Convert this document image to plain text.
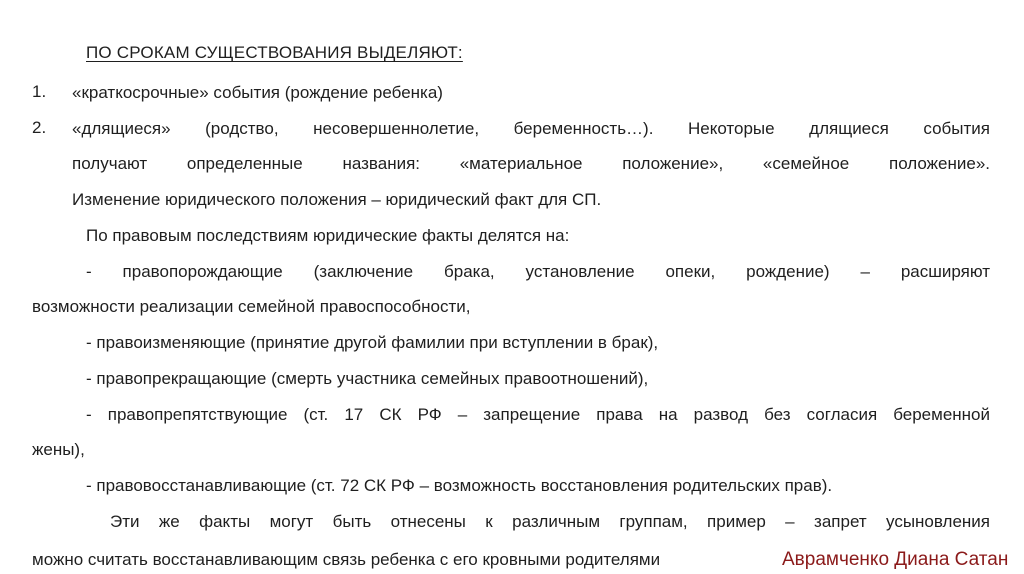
ПО СРОКАМ СУЩЕСТВОВАНИЯ ВЫДЕЛЯЮТ:
1. «краткосрочные» события (рождение ребенка)
2. «длящиеся» (родство, несовершеннолетие, беременность…). Некоторые длящиеся события
получают определенные названия: «материальное положение», «семейное положение».
Изменение юридического положения – юридический факт для СП.
По правовым последствиям юридические факты делятся на:
- правопорождающие (заключение брака, установление опеки, рождение) – расширяют
возможности реализации семейной правоспособности,
- правоизменяющие (принятие другой фамилии при вступлении в брак),
- правопрекращающие (смерть участника семейных правоотношений),
- правопрепятствующие (ст. 17 СК РФ – запрещение права на развод без согласия беременной
жены),
- правовосстанавливающие (ст. 72 СК РФ – возможность восстановления родительских прав).
Эти же факты могут быть отнесены к различным группам, пример – запрет усыновления
можно считать восстанавливающим связь ребенка с его кровными родителями	Аврамченко Диана Сатан
